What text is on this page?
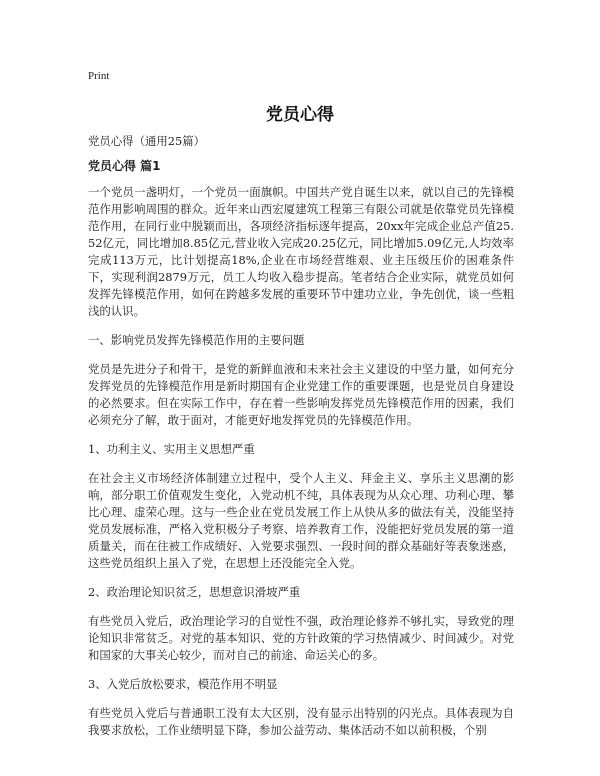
Print
党员心得
党员心得（通用25篇）
党员心得 篇1
一个党员一盏明灯，一个党员一面旗帜。中国共产党自诞生以来，就以自己的先锋模范作用影响周围的群众。近年来山西宏厦建筑工程第三有限公司就是依靠党员先锋模范作用，在同行业中脱颖而出，各项经济指标逐年提高，20xx年完成企业总产值25.52亿元，同比增加8.85亿元,营业收入完成20.25亿元，同比增加5.09亿元,人均效率完成113万元，比计划提高18%,企业在市场经营维艰、业主压级压价的困难条件下，实现利润2879万元，员工人均收入稳步提高。笔者结合企业实际，就党员如何发挥先锋模范作用，如何在跨越多发展的重要环节中建功立业，争先创优，谈一些粗浅的认识。
一、影响党员发挥先锋模范作用的主要问题
党员是先进分子和骨干，是党的新鲜血液和未来社会主义建设的中坚力量，如何充分发挥党员的先锋模范作用是新时期国有企业党建工作的重要课题，也是党员自身建设的必然要求。但在实际工作中，存在着一些影响发挥党员先锋模范作用的因素，我们必须充分了解，敢于面对，才能更好地发挥党员的先锋模范作用。
1、功利主义、实用主义思想严重
在社会主义市场经济体制建立过程中，受个人主义、拜金主义、享乐主义思潮的影响，部分职工价值观发生变化，入党动机不纯，具体表现为从众心理、功利心理、攀比心理、虚荣心理。这与一些企业在党员发展工作上从快从多的做法有关，没能坚持党员发展标准，严格入党积极分子考察、培养教育工作，没能把好党员发展的第一道质量关，而在往被工作成绩好、入党要求强烈、一段时间的群众基础好等表象迷惑，这些党员组织上虽入了党，在思想上还没能完全入党。
2、政治理论知识贫乏，思想意识滑坡严重
有些党员入党后，政治理论学习的自觉性不强，政治理论修养不够扎实，导致党的理论知识非常贫乏。对党的基本知识、党的方针政策的学习热情减少、时间减少。对党和国家的大事关心较少，而对自己的前途、命运关心的多。
3、入党后放松要求，模范作用不明显
有些党员入党后与普通职工没有太大区别，没有显示出特别的闪光点。具体表现为自我要求放松，工作业绩明显下降，参加公益劳动、集体活动不如以前积极，个别
